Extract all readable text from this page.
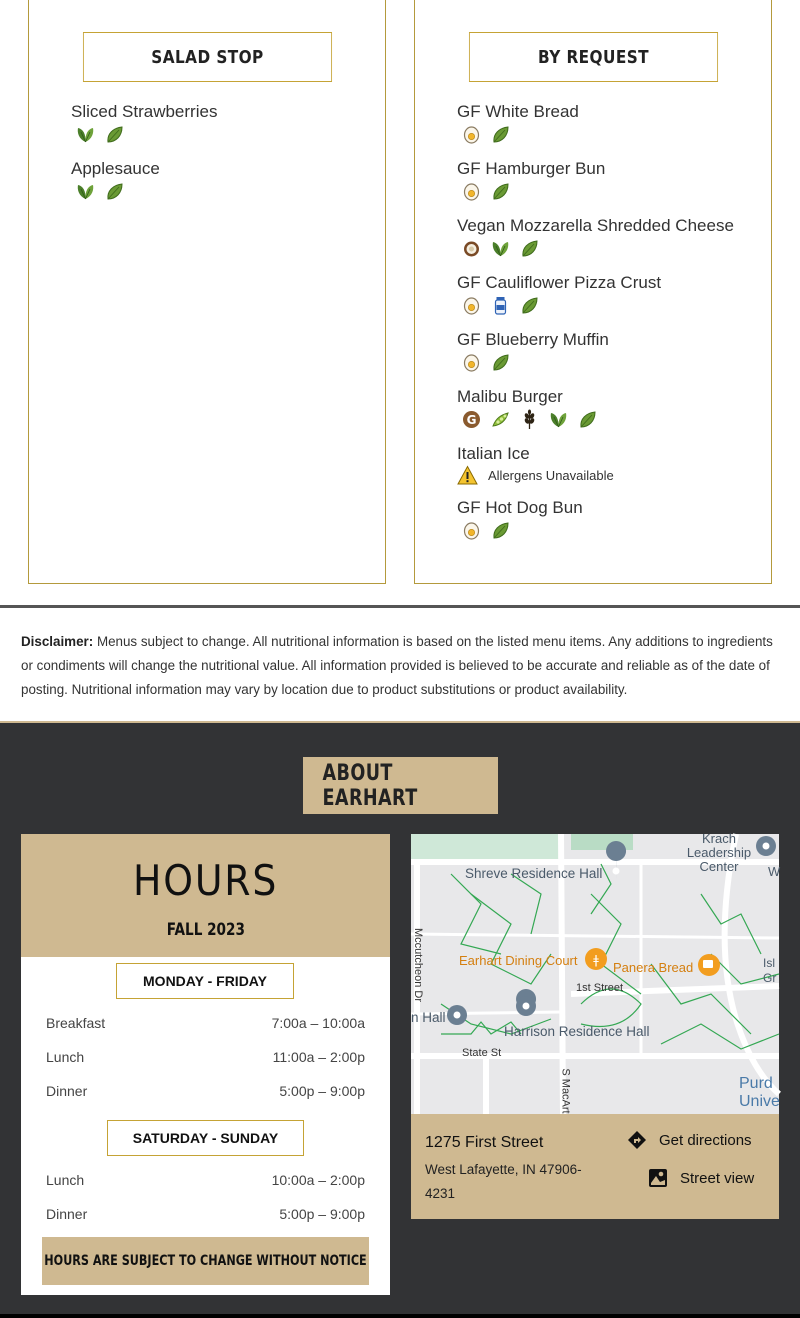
SALAD STOP
Sliced Strawberries
Applesauce
BY REQUEST
GF White Bread
GF Hamburger Bun
Vegan Mozzarella Shredded Cheese
GF Cauliflower Pizza Crust
GF Blueberry Muffin
Malibu Burger
G
Italian Ice
Allergens Unavailable
GF Hot Dog Bun

Disclaimer: Menus subject to change. All nutritional information is based on the listed menu items. Any additions to ingredients or condiments will change the nutritional value. All information provided is believed to be accurate and reliable as of the date of posting. Nutritional information may vary by location due to product substitutions or product availability.

ABOUT EARHART
HOURS
FALL 2023
MONDAY - FRIDAY
Breakfast	7:00a – 10:00a
Lunch	11:00a – 2:00p
Dinner	5:00p – 9:00p
SATURDAY - SUNDAY
Lunch	10:00a – 2:00p
Dinner	5:00p – 9:00p
HOURS ARE SUBJECT TO CHANGE WITHOUT NOTICE
ǂ
Krach Leadership Center
Shreve Residence Hall
Earhart Dining Court	Panera Bread
1st Street
Harrison Residence Hall
n Hall
State St
Mccutcheon Dr
S MacArt	Purd Unive
Isl Gr
W
1275 First Street
West Lafayette, IN 47906-4231
Get directions
Street view
